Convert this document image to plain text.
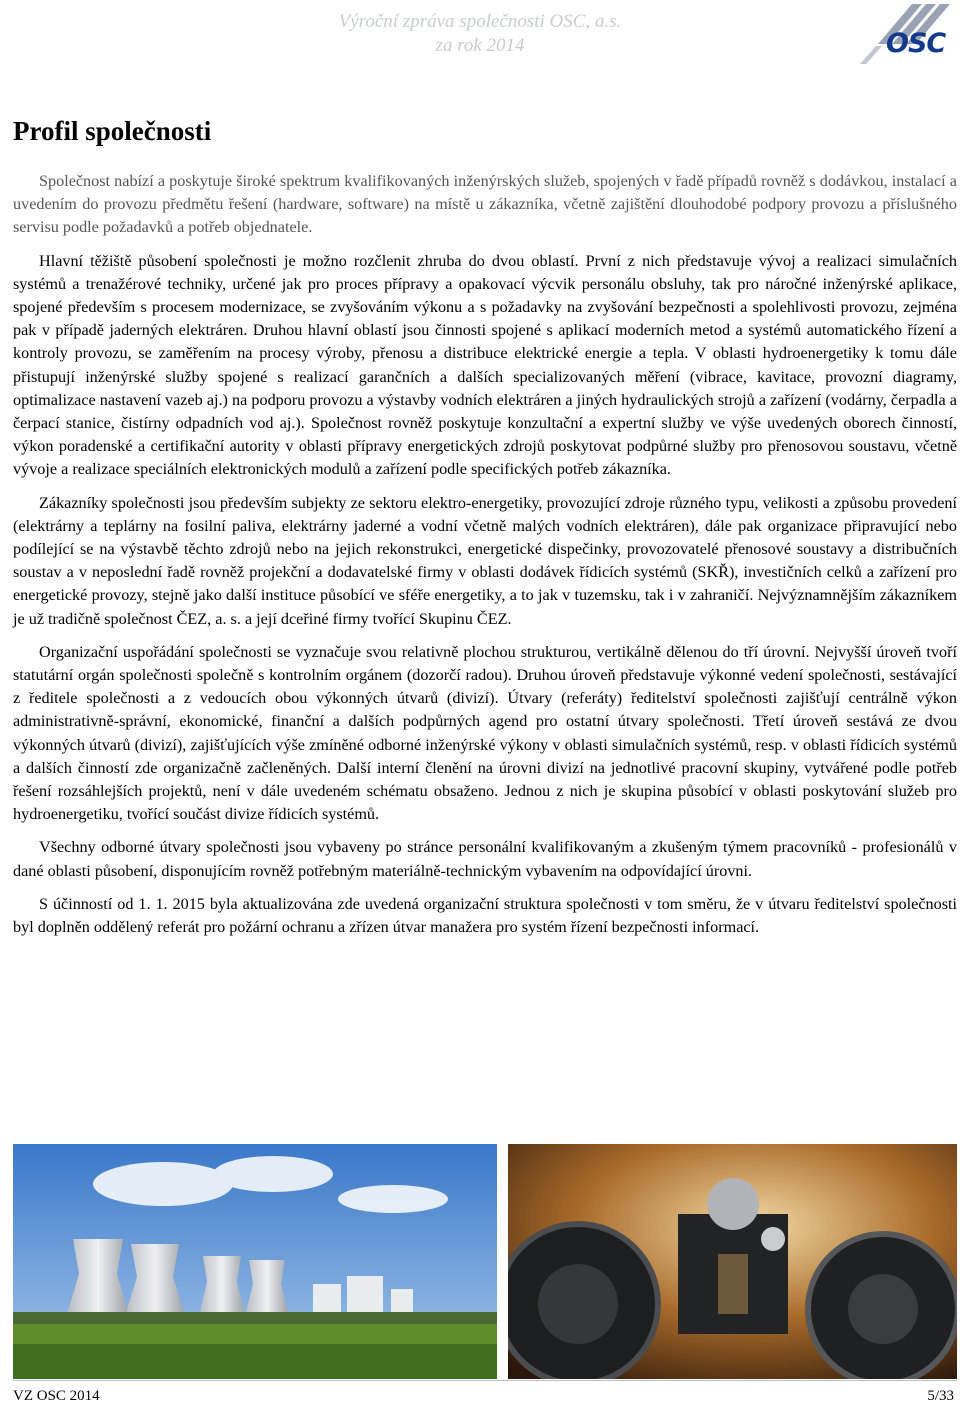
Výroční zpráva společnosti OSC, a.s.
za rok 2014	OSC
Profil společnosti

Společnost nabízí a poskytuje široké spektrum kvalifikovaných inženýrských služeb, spojených v řadě případů rovněž s dodávkou, instalací a uvedením do provozu předmětu řešení (hardware, software) na místě u zákazníka, včetně zajištění dlouhodobé podpory provozu a příslušného servisu podle požadavků a potřeb objednatele.

Hlavní těžiště působení společnosti je možno rozčlenit zhruba do dvou oblastí. První z nich představuje vývoj a realizaci simulačních systémů a trenažérové techniky, určené jak pro proces přípravy a opakovací výcvik personálu obsluhy, tak pro náročné inženýrské aplikace, spojené především s procesem modernizace, se zvyšováním výkonu a s požadavky na zvyšování bezpečnosti a spolehlivosti provozu, zejména pak v případě jaderných elektráren. Druhou hlavní oblastí jsou činnosti spojené s aplikací moderních metod a systémů automatického řízení a kontroly provozu, se zaměřením na procesy výroby, přenosu a distribuce elektrické energie a tepla. V oblasti hydroenergetiky k tomu dále přistupují inženýrské služby spojené s realizací garančních a dalších specializovaných měření (vibrace, kavitace, provozní diagramy, optimalizace nastavení vazeb aj.) na podporu provozu a výstavby vodních elektráren a jiných hydraulických strojů a zařízení (vodárny, čerpadla a čerpací stanice, čistírny odpadních vod aj.). Společnost rovněž poskytuje konzultační a expertní služby ve výše uvedených oborech činností, výkon poradenské a certifikační autority v oblasti přípravy energetických zdrojů poskytovat podpůrné služby pro přenosovou soustavu, včetně vývoje a realizace speciálních elektronických modulů a zařízení podle specifických potřeb zákazníka.

Zákazníky společnosti jsou především subjekty ze sektoru elektro-energetiky, provozující zdroje různého typu, velikosti a způsobu provedení (elektrárny a teplárny na fosilní paliva, elektrárny jaderné a vodní včetně malých vodních elektráren), dále pak organizace připravující nebo podílející se na výstavbě těchto zdrojů nebo na jejich rekonstrukci, energetické dispečinky, provozovatelé přenosové soustavy a distribučních soustav a v neposlední řadě rovněž projekční a dodavatelské firmy v oblasti dodávek řídicích systémů (SKŘ), investičních celků a zařízení pro energetické provozy, stejně jako další instituce působící ve sféře energetiky, a to jak v tuzemsku, tak i v zahraničí. Nejvýznamnějším zákazníkem je už tradičně společnost ČEZ, a. s. a její dceřiné firmy tvořící Skupinu ČEZ.

Organizační uspořádání společnosti se vyznačuje svou relativně plochou strukturou, vertikálně dělenou do tří úrovní. Nejvyšší úroveň tvoří statutární orgán společnosti společně s kontrolním orgánem (dozorčí radou). Druhou úroveň představuje výkonné vedení společnosti, sestávající z ředitele společnosti a z vedoucích obou výkonných útvarů (divizí). Útvary (referáty) ředitelství společnosti zajišťují centrálně výkon administrativně-správní, ekonomické, finanční a dalších podpůrných agend pro ostatní útvary společnosti. Třetí úroveň sestává ze dvou výkonných útvarů (divizí), zajišťujících výše zmíněné odborné inženýrské výkony v oblasti simulačních systémů, resp. v oblasti řídicích systémů a dalších činností zde organizačně začleněných. Další interní členění na úrovni divizí na jednotlivé pracovní skupiny, vytvářené podle potřeb řešení rozsáhlejších projektů, není v dále uvedeném schématu obsaženo. Jednou z nich je skupina působící v oblasti poskytování služeb pro hydroenergetiku, tvořící součást divize řídicích systémů.

Všechny odborné útvary společnosti jsou vybaveny po stránce personální kvalifikovaným a zkušeným týmem pracovníků - profesionálů v dané oblasti působení, disponujícím rovněž potřebným materiálně-technickým vybavením na odpovídající úrovni.

S účinností od 1. 1. 2015 byla aktualizována zde uvedená organizační struktura společnosti v tom směru, že v útvaru ředitelství společnosti byl doplněn oddělený referát pro požární ochranu a zřízen útvar manažera pro systém řízení bezpečnosti informací.

VZ OSC 2014	5/33
